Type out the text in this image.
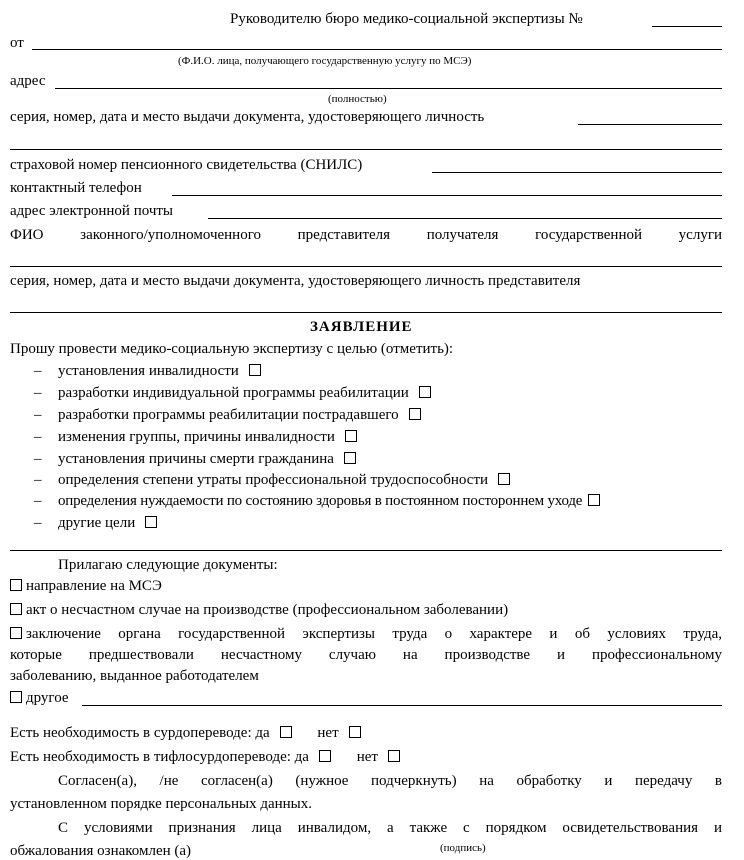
Руководителю бюро медико-социальной экспертизы №
от
(Ф.И.О. лица, получающего государственную услугу по МСЭ)
адрес
(полностью)
серия, номер, дата и место выдачи документа, удостоверяющего личность
страховой номер пенсионного свидетельства (СНИЛС)
контактный телефон
адрес электронной почты
ФИО законного/уполномоченного представителя получателя государственной услуги
серия, номер, дата и место выдачи документа, удостоверяющего личность представителя
ЗАЯВЛЕНИЕ
Прошу провести медико-социальную экспертизу с целью (отметить):
– установления инвалидности
– разработки индивидуальной программы реабилитации
– разработки программы реабилитации пострадавшего
– изменения группы, причины инвалидности
– установления причины смерти гражданина
– определения степени утраты профессиональной трудоспособности
– определения нуждаемости по состоянию здоровья в постоянном постороннем уходе
– другие цели
Прилагаю следующие документы:
направление на МСЭ
акт о несчастном случае на производстве (профессиональном заболевании)
заключение органа государственной экспертизы труда о характере и об условиях труда,
которые предшествовали несчастному случаю на производстве и профессиональному
заболеванию, выданное работодателем
другое
Есть необходимость в сурдопереводе: да	нет
Есть необходимость в тифлосурдопереводе: да	нет
Согласен(а), /не согласен(а) (нужное подчеркнуть) на обработку и передачу в
установленном порядке персональных данных.
С условиями признания лица инвалидом, а также с порядком освидетельствования и
обжалования ознакомлен (а)	(подпись)
